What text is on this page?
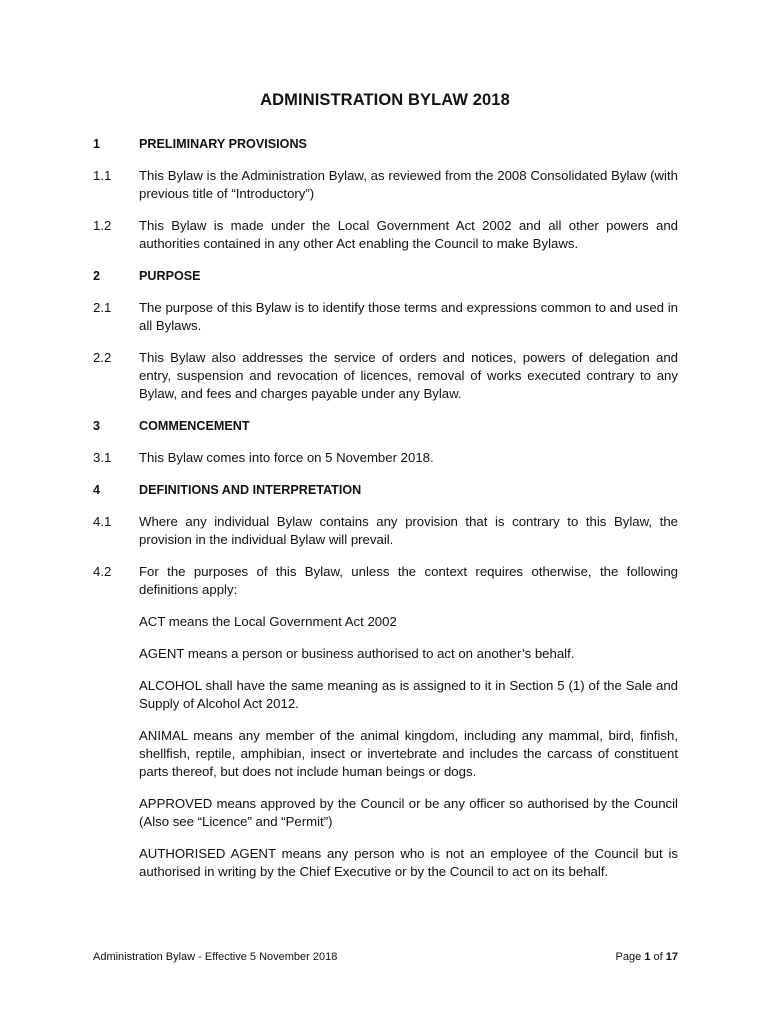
ADMINISTRATION BYLAW 2018
1	PRELIMINARY PROVISIONS
1.1	This Bylaw is the Administration Bylaw, as reviewed from the 2008 Consolidated Bylaw (with previous title of “Introductory”)
1.2	This Bylaw is made under the Local Government Act 2002 and all other powers and authorities contained in any other Act enabling the Council to make Bylaws.
2	PURPOSE
2.1	The purpose of this Bylaw is to identify those terms and expressions common to and used in all Bylaws.
2.2	This Bylaw also addresses the service of orders and notices, powers of delegation and entry, suspension and revocation of licences, removal of works executed contrary to any Bylaw, and fees and charges payable under any Bylaw.
3	COMMENCEMENT
3.1	This Bylaw comes into force on 5 November 2018.
4	DEFINITIONS AND INTERPRETATION
4.1	Where any individual Bylaw contains any provision that is contrary to this Bylaw, the provision in the individual Bylaw will prevail.
4.2	For the purposes of this Bylaw, unless the context requires otherwise, the following definitions apply:

ACT means the Local Government Act 2002

AGENT means a person or business authorised to act on another’s behalf.

ALCOHOL shall have the same meaning as is assigned to it in Section 5 (1) of the Sale and Supply of Alcohol Act 2012.

ANIMAL means any member of the animal kingdom, including any mammal, bird, finfish, shellfish, reptile, amphibian, insect or invertebrate and includes the carcass of constituent parts thereof, but does not include human beings or dogs.

APPROVED means approved by the Council or be any officer so authorised by the Council (Also see “Licence” and “Permit”)

AUTHORISED AGENT means any person who is not an employee of the Council but is authorised in writing by the Chief Executive or by the Council to act on its behalf.

Administration Bylaw - Effective 5 November 2018	Page 1 of 17
